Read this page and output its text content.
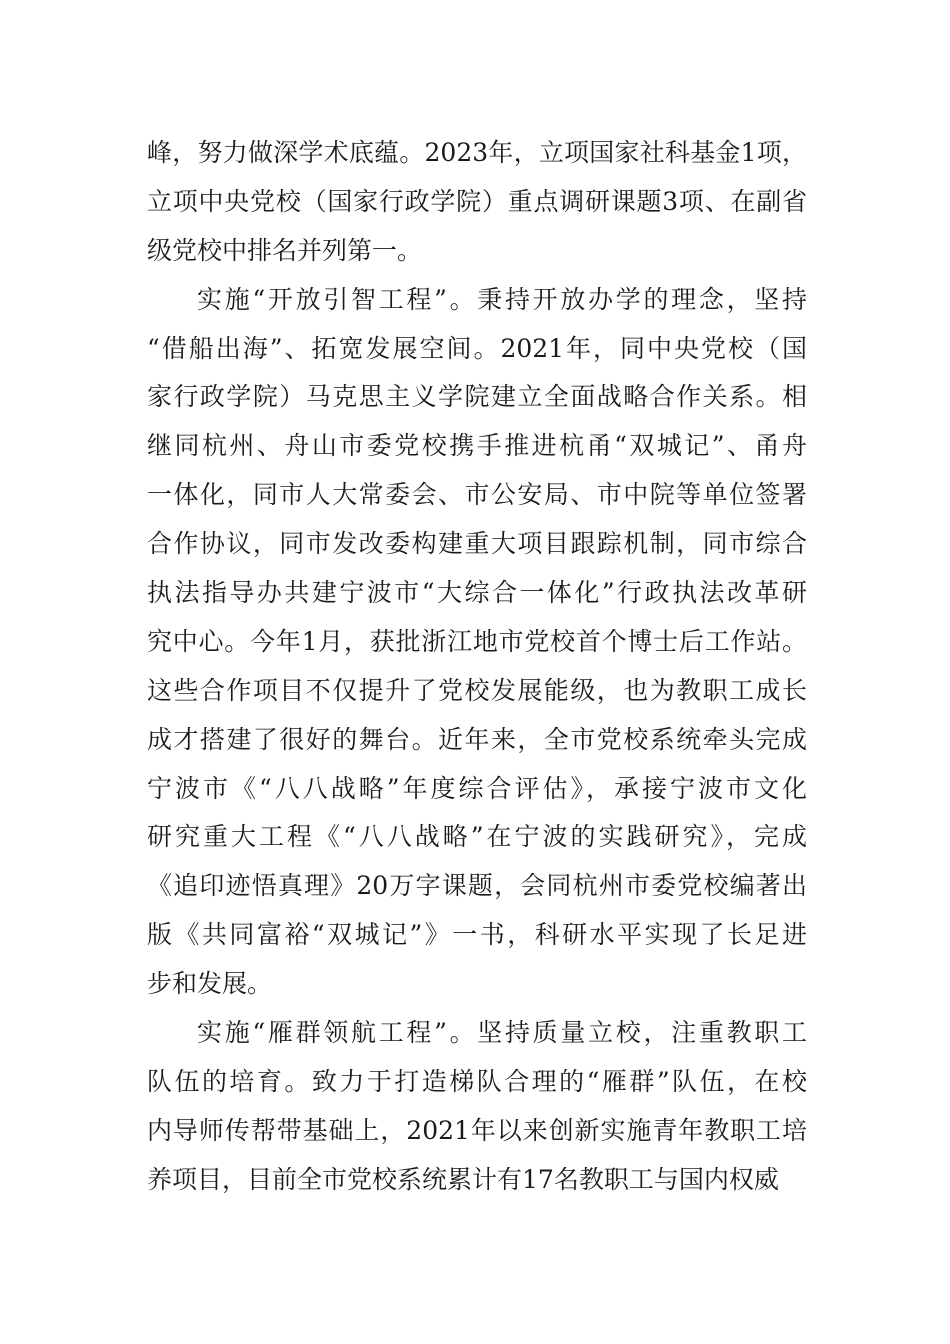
峰，努力做深学术底蕴。2023年，立项国家社科基金1项，
立项中央党校（国家行政学院）重点调研课题3项、在副省
级党校中排名并列第一。
实施“开放引智工程”。秉持开放办学的理念，坚持
“借船出海”、拓宽发展空间。2021年，同中央党校（国
家行政学院）马克思主义学院建立全面战略合作关系。相
继同杭州、舟山市委党校携手推进杭甬“双城记”、甬舟
一体化，同市人大常委会、市公安局、市中院等单位签署
合作协议，同市发改委构建重大项目跟踪机制，同市综合
执法指导办共建宁波市“大综合一体化”行政执法改革研
究中心。今年1月，获批浙江地市党校首个博士后工作站。
这些合作项目不仅提升了党校发展能级，也为教职工成长
成才搭建了很好的舞台。近年来，全市党校系统牵头完成
宁波市《“八八战略”年度综合评估》，承接宁波市文化
研究重大工程《“八八战略”在宁波的实践研究》，完成
《追印迹悟真理》20万字课题，会同杭州市委党校编著出
版《共同富裕“双城记”》一书，科研水平实现了长足进
步和发展。
实施“雁群领航工程”。坚持质量立校，注重教职工
队伍的培育。致力于打造梯队合理的“雁群”队伍，在校
内导师传帮带基础上，2021年以来创新实施青年教职工培
养项目，目前全市党校系统累计有17名教职工与国内权威
